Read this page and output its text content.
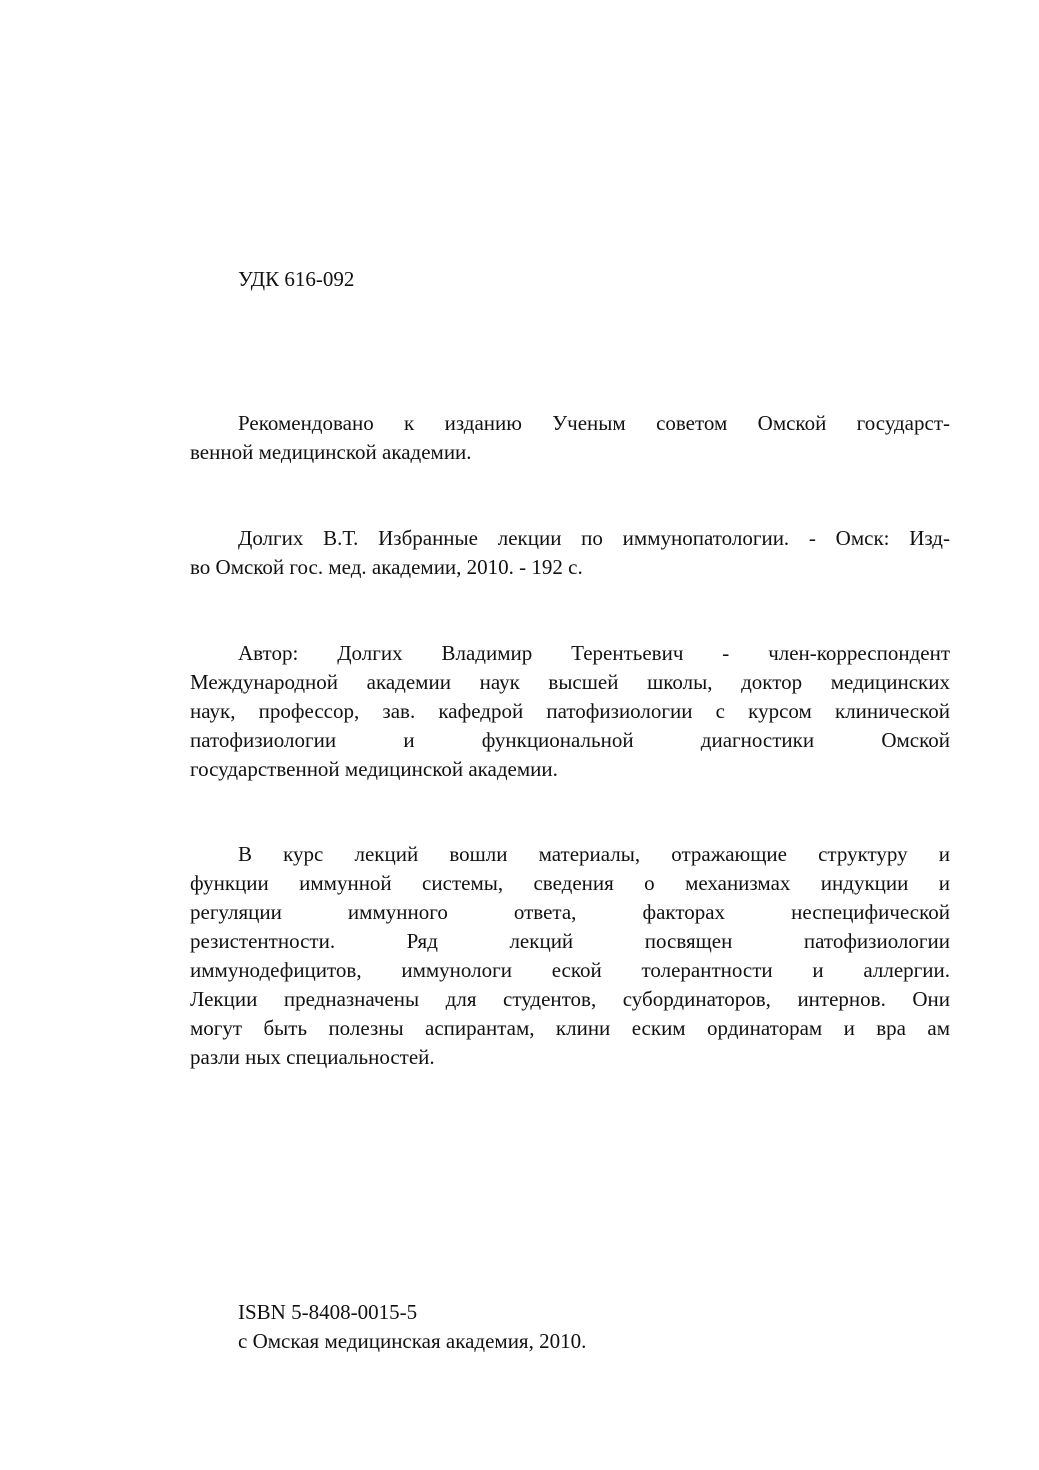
УДК 616-092
Рекомендовано к изданию Ученым советом Омской государст-
венной медицинской академии.
Долгих В.Т. Избранные лекции по иммунопатологии. - Омск: Изд-
во Омской гос. мед. академии, 2010. - 192 с.
Автор: Долгих Владимир Терентьевич - член-корреспондент
Международной академии наук высшей школы, доктор медицинских
наук, профессор, зав. кафедрой патофизиологии с курсом клинической
патофизиологии и функциональной диагностики Омской
государственной медицинской академии.
В курс лекций вошли материалы, отражающие структуру и
функции иммунной системы, сведения о механизмах индукции и
регуляции иммунного ответа, факторах неспецифической
резистентности. Ряд лекций посвящен патофизиологии
иммунодефицитов, иммунологи еской толерантности и аллергии.
Лекции предназначены для студентов, субординаторов, интернов. Они
могут быть полезны аспирантам, клини еским ординаторам и вра ам
разли ных специальностей.
ISBN 5-8408-0015-5
с Омская медицинская академия, 2010.
